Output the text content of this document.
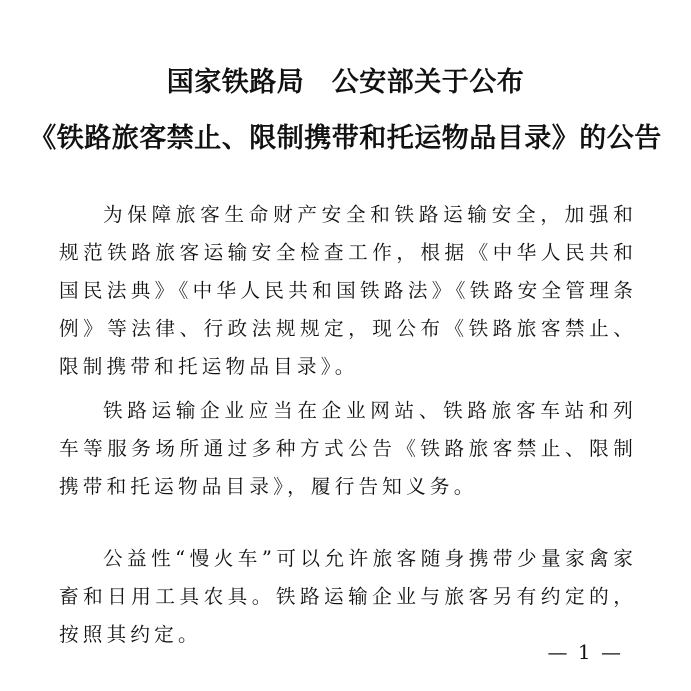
国家铁路局　公安部关于公布
《铁路旅客禁止、限制携带和托运物品目录》的公告

为保障旅客生命财产安全和铁路运输安全，加强和规范铁路旅客运输安全检查工作，根据《中华人民共和国民法典》《中华人民共和国铁路法》《铁路安全管理条例》等法律、行政法规规定，现公布《铁路旅客禁止、限制携带和托运物品目录》。

铁路运输企业应当在企业网站、铁路旅客车站和列车等服务场所通过多种方式公告《铁路旅客禁止、限制携带和托运物品目录》，履行告知义务。

公益性“慢火车”可以允许旅客随身携带少量家禽家畜和日用工具农具。铁路运输企业与旅客另有约定的，按照其约定。

— 1 —
